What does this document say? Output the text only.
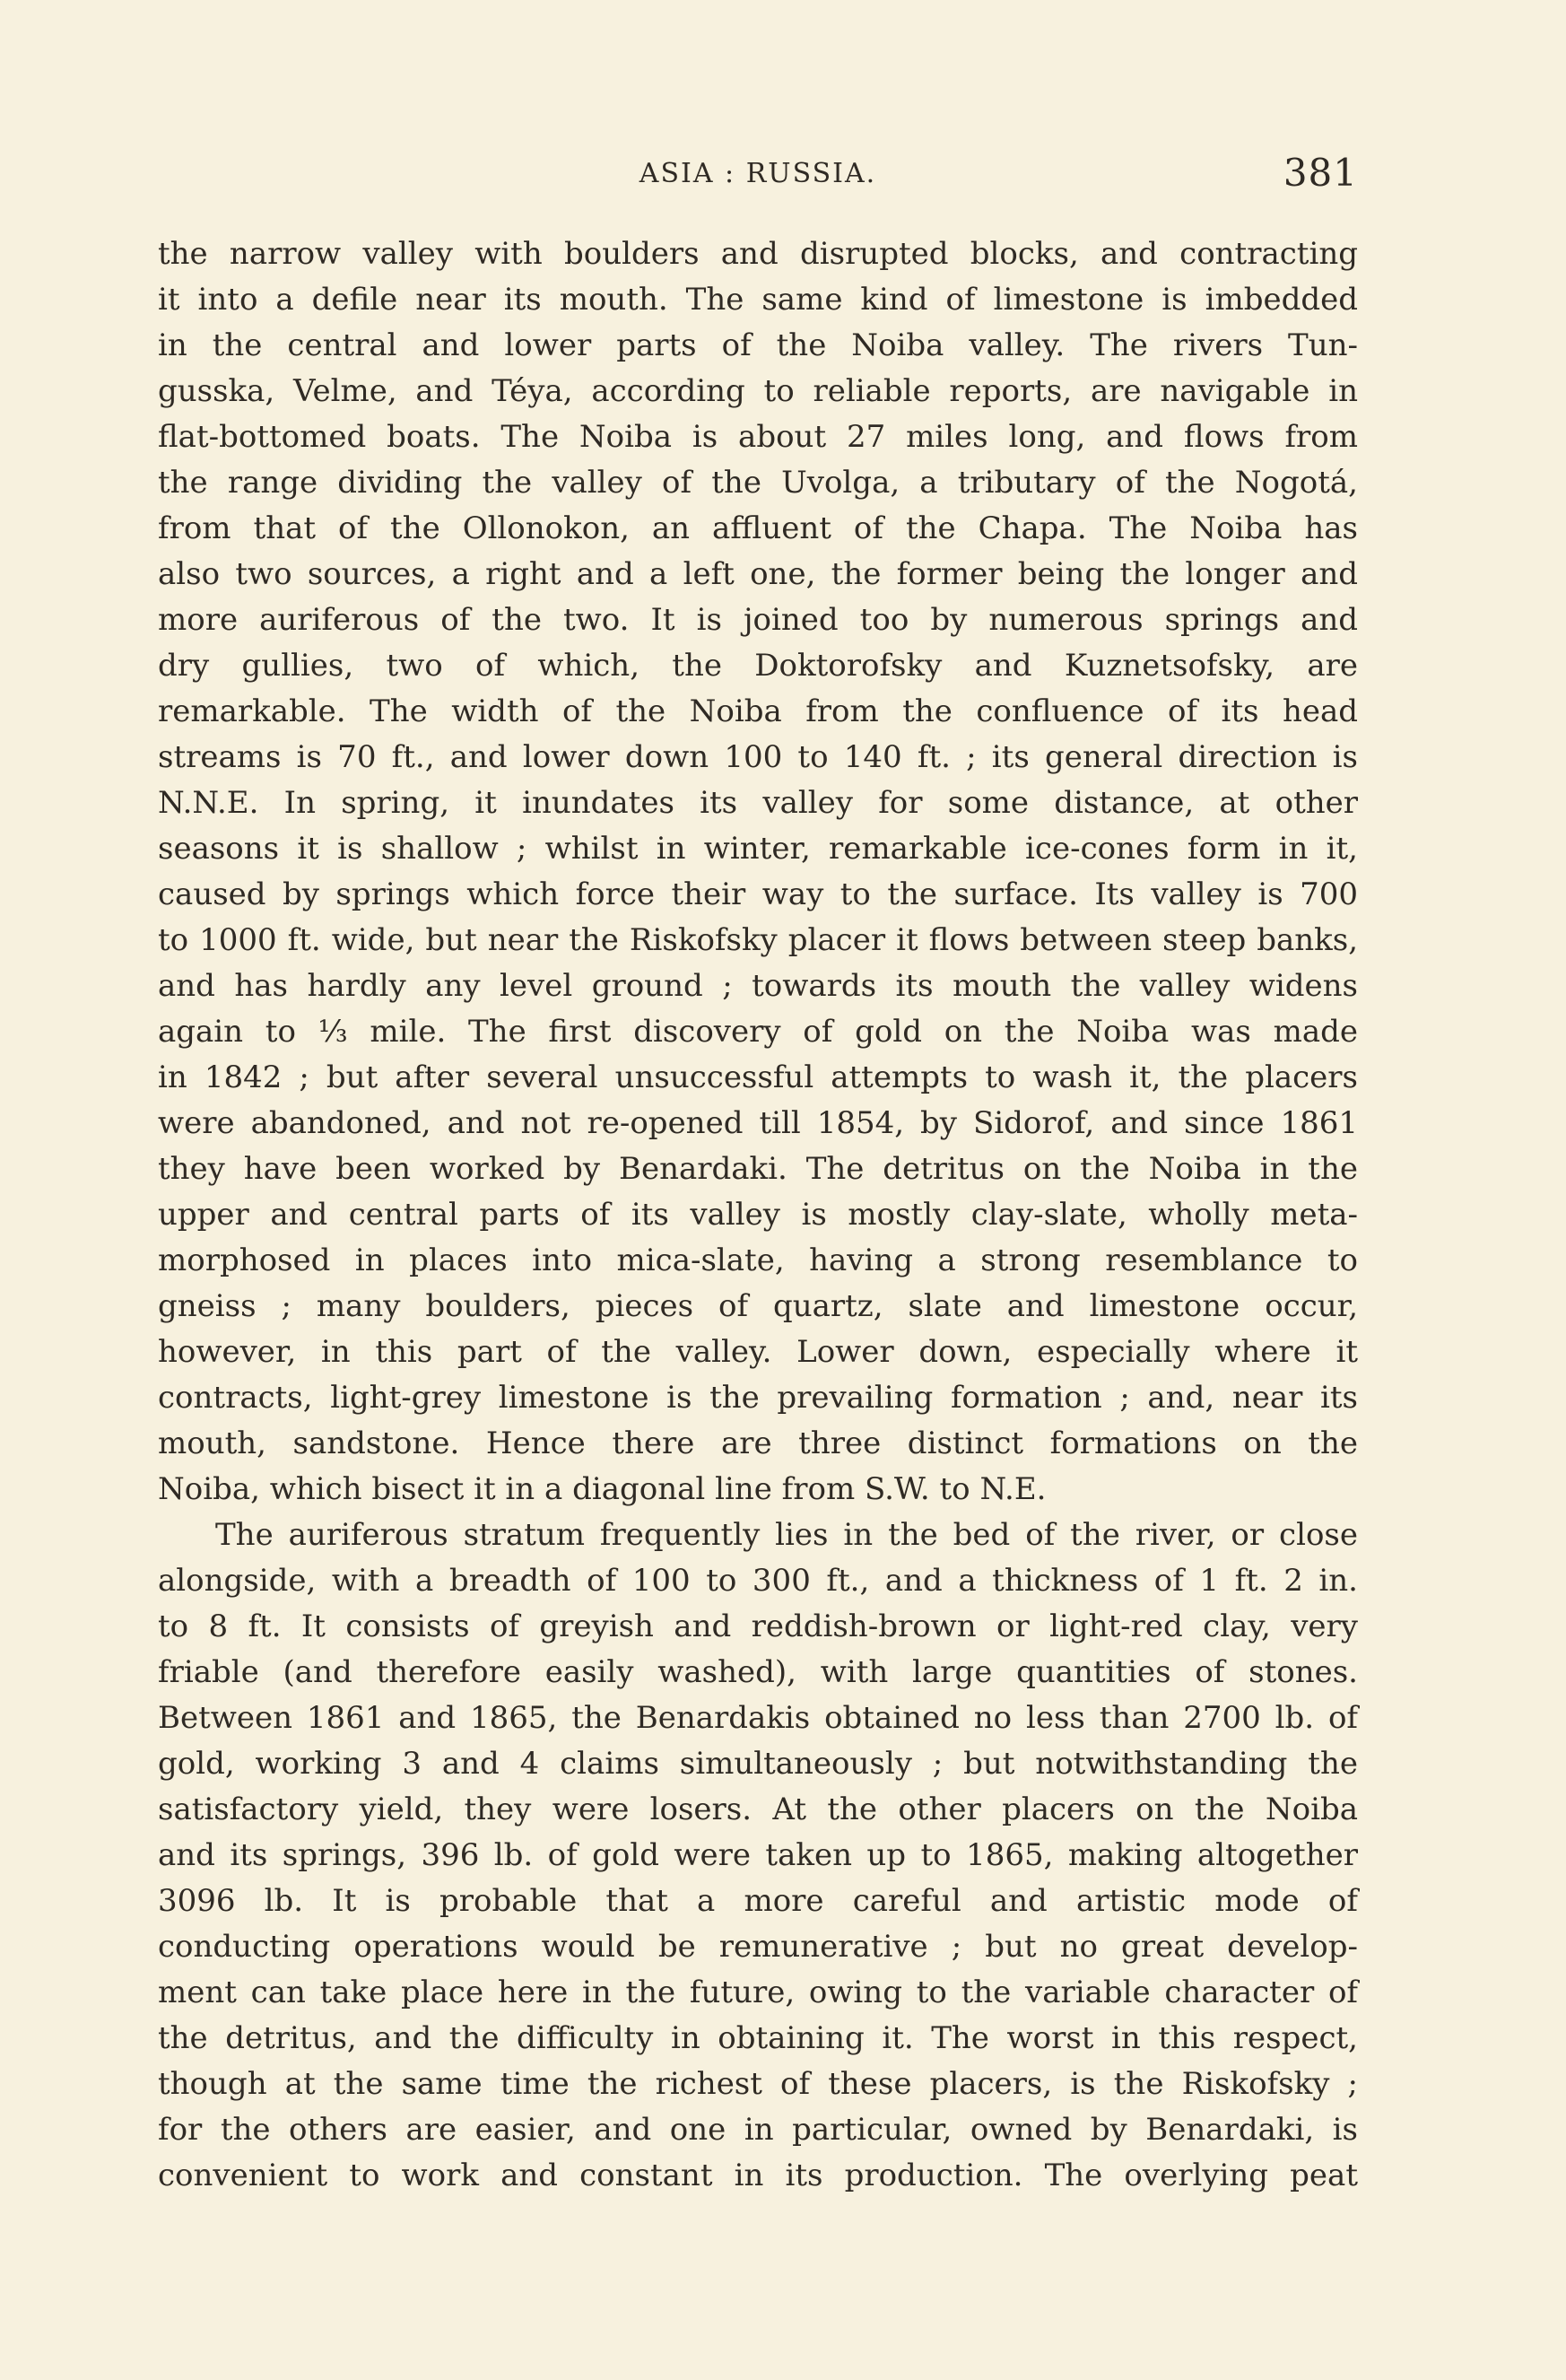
ASIA : RUSSIA.	381
the narrow valley with boulders and disrupted blocks, and contracting
it into a defile near its mouth. The same kind of limestone is imbedded
in the central and lower parts of the Noiba valley. The rivers Tun-
gusska, Velme, and Téya, according to reliable reports, are navigable in
flat-bottomed boats. The Noiba is about 27 miles long, and flows from
the range dividing the valley of the Uvolga, a tributary of the Nogotá,
from that of the Ollonokon, an affluent of the Chapa. The Noiba has
also two sources, a right and a left one, the former being the longer and
more auriferous of the two. It is joined too by numerous springs and
dry gullies, two of which, the Doktorofsky and Kuznetsofsky, are
remarkable. The width of the Noiba from the confluence of its head
streams is 70 ft., and lower down 100 to 140 ft. ; its general direction is
N.N.E. In spring, it inundates its valley for some distance, at other
seasons it is shallow ; whilst in winter, remarkable ice-cones form in it,
caused by springs which force their way to the surface. Its valley is 700
to 1000 ft. wide, but near the Riskofsky placer it flows between steep banks,
and has hardly any level ground ; towards its mouth the valley widens
again to ⅓ mile. The first discovery of gold on the Noiba was made
in 1842 ; but after several unsuccessful attempts to wash it, the placers
were abandoned, and not re-opened till 1854, by Sidorof, and since 1861
they have been worked by Benardaki. The detritus on the Noiba in the
upper and central parts of its valley is mostly clay-slate, wholly meta-
morphosed in places into mica-slate, having a strong resemblance to
gneiss ; many boulders, pieces of quartz, slate and limestone occur,
however, in this part of the valley. Lower down, especially where it
contracts, light-grey limestone is the prevailing formation ; and, near its
mouth, sandstone. Hence there are three distinct formations on the
Noiba, which bisect it in a diagonal line from S.W. to N.E.
The auriferous stratum frequently lies in the bed of the river, or close
alongside, with a breadth of 100 to 300 ft., and a thickness of 1 ft. 2 in.
to 8 ft. It consists of greyish and reddish-brown or light-red clay, very
friable (and therefore easily washed), with large quantities of stones.
Between 1861 and 1865, the Benardakis obtained no less than 2700 lb. of
gold, working 3 and 4 claims simultaneously ; but notwithstanding the
satisfactory yield, they were losers. At the other placers on the Noiba
and its springs, 396 lb. of gold were taken up to 1865, making altogether
3096 lb. It is probable that a more careful and artistic mode of
conducting operations would be remunerative ; but no great develop-
ment can take place here in the future, owing to the variable character of
the detritus, and the difficulty in obtaining it. The worst in this respect,
though at the same time the richest of these placers, is the Riskofsky ;
for the others are easier, and one in particular, owned by Benardaki, is
convenient to work and constant in its production. The overlying peat
